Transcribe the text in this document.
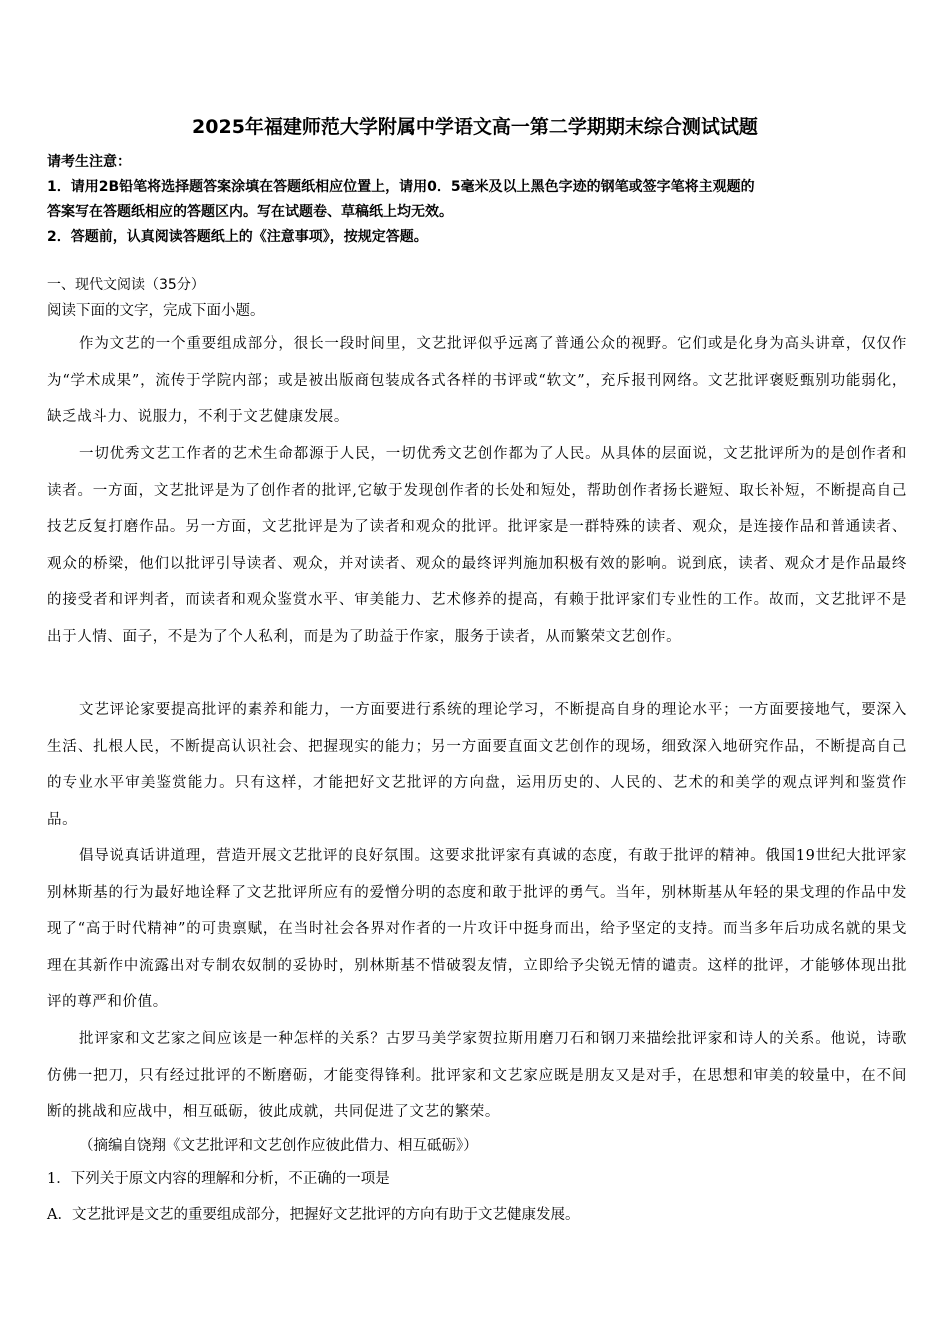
2025年福建师范大学附属中学语文高一第二学期期末综合测试试题
请考生注意：
1．请用2B铅笔将选择题答案涂填在答题纸相应位置上，请用0．5毫米及以上黑色字迹的钢笔或签字笔将主观题的
答案写在答题纸相应的答题区内。写在试题卷、草稿纸上均无效。
2．答题前，认真阅读答题纸上的《注意事项》，按规定答题。
一、现代文阅读（35分）
阅读下面的文字，完成下面小题。
作为文艺的一个重要组成部分，很长一段时间里，文艺批评似乎远离了普通公众的视野。它们或是化身为高头讲章，仅仅作为“学术成果”，流传于学院内部；或是被出版商包装成各式各样的书评或“软文”，充斥报刊网络。文艺批评褒贬甄别功能弱化，缺乏战斗力、说服力，不利于文艺健康发展。
一切优秀文艺工作者的艺术生命都源于人民，一切优秀文艺创作都为了人民。从具体的层面说，文艺批评所为的是创作者和读者。一方面，文艺批评是为了创作者的批评,它敏于发现创作者的长处和短处，帮助创作者扬长避短、取长补短，不断提高自己技艺反复打磨作品。另一方面，文艺批评是为了读者和观众的批评。批评家是一群特殊的读者、观众，是连接作品和普通读者、观众的桥梁，他们以批评引导读者、观众，并对读者、观众的最终评判施加积极有效的影响。说到底，读者、观众才是作品最终的接受者和评判者，而读者和观众鉴赏水平、审美能力、艺术修养的提高，有赖于批评家们专业性的工作。故而，文艺批评不是出于人情、面子，不是为了个人私利，而是为了助益于作家，服务于读者，从而繁荣文艺创作。
文艺评论家要提高批评的素养和能力，一方面要进行系统的理论学习，不断提高自身的理论水平；一方面要接地气，要深入生活、扎根人民，不断提高认识社会、把握现实的能力；另一方面要直面文艺创作的现场，细致深入地研究作品，不断提高自己的专业水平审美鉴赏能力。只有这样，才能把好文艺批评的方向盘，运用历史的、人民的、艺术的和美学的观点评判和鉴赏作品。
倡导说真话讲道理，营造开展文艺批评的良好氛围。这要求批评家有真诚的态度，有敢于批评的精神。俄国19世纪大批评家别林斯基的行为最好地诠释了文艺批评所应有的爱憎分明的态度和敢于批评的勇气。当年，别林斯基从年轻的果戈理的作品中发现了“高于时代精神”的可贵禀赋，在当时社会各界对作者的一片攻讦中挺身而出，给予坚定的支持。而当多年后功成名就的果戈理在其新作中流露出对专制农奴制的妥协时，别林斯基不惜破裂友情，立即给予尖锐无情的谴责。这样的批评，才能够体现出批评的尊严和价值。
批评家和文艺家之间应该是一种怎样的关系？古罗马美学家贺拉斯用磨刀石和钢刀来描绘批评家和诗人的关系。他说，诗歌仿佛一把刀，只有经过批评的不断磨砺，才能变得锋利。批评家和文艺家应既是朋友又是对手，在思想和审美的较量中，在不间断的挑战和应战中，相互砥砺，彼此成就，共同促进了文艺的繁荣。
（摘编自饶翔《文艺批评和文艺创作应彼此借力、相互砥砺》）
1．下列关于原文内容的理解和分析，不正确的一项是
A．文艺批评是文艺的重要组成部分，把握好文艺批评的方向有助于文艺健康发展。
